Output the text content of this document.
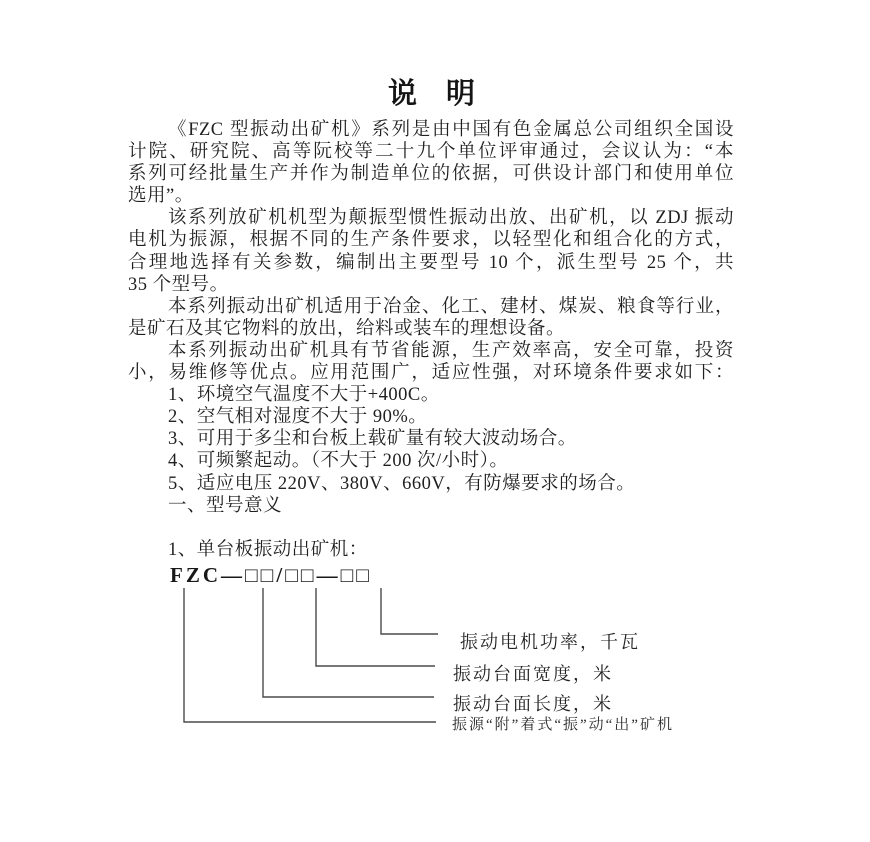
说　明
《FZC 型振动出矿机》系列是由中国有色金属总公司组织全国设
计院、研究院、高等阮校等二十九个单位评审通过，会议认为：“本
系列可经批量生产并作为制造单位的依据，可供设计部门和使用单位
选用”。
该系列放矿机机型为颠振型惯性振动出放、出矿机，以 ZDJ 振动
电机为振源，根据不同的生产条件要求，以轻型化和组合化的方式，
合理地选择有关参数，编制出主要型号 10 个，派生型号 25 个，共
35 个型号。
本系列振动出矿机适用于冶金、化工、建材、煤炭、粮食等行业，
是矿石及其它物料的放出，给料或装车的理想设备。
本系列振动出矿机具有节省能源，生产效率高，安全可靠，投资
小，易维修等优点。应用范围广，适应性强，对环境条件要求如下：
1、环境空气温度不大于+400C。
2、空气相对湿度不大于 90%。
3、可用于多尘和台板上载矿量有较大波动场合。
4、可频繁起动。（不大于 200 次/小时）。
5、适应电压 220V、380V、660V，有防爆要求的场合。
一、型号意义
1、单台板振动出矿机：
FZC—□□/□□—□□
振动电机功率，千瓦
振动台面宽度，米
振动台面长度，米
振源“附”着式“振”动“出”矿机
